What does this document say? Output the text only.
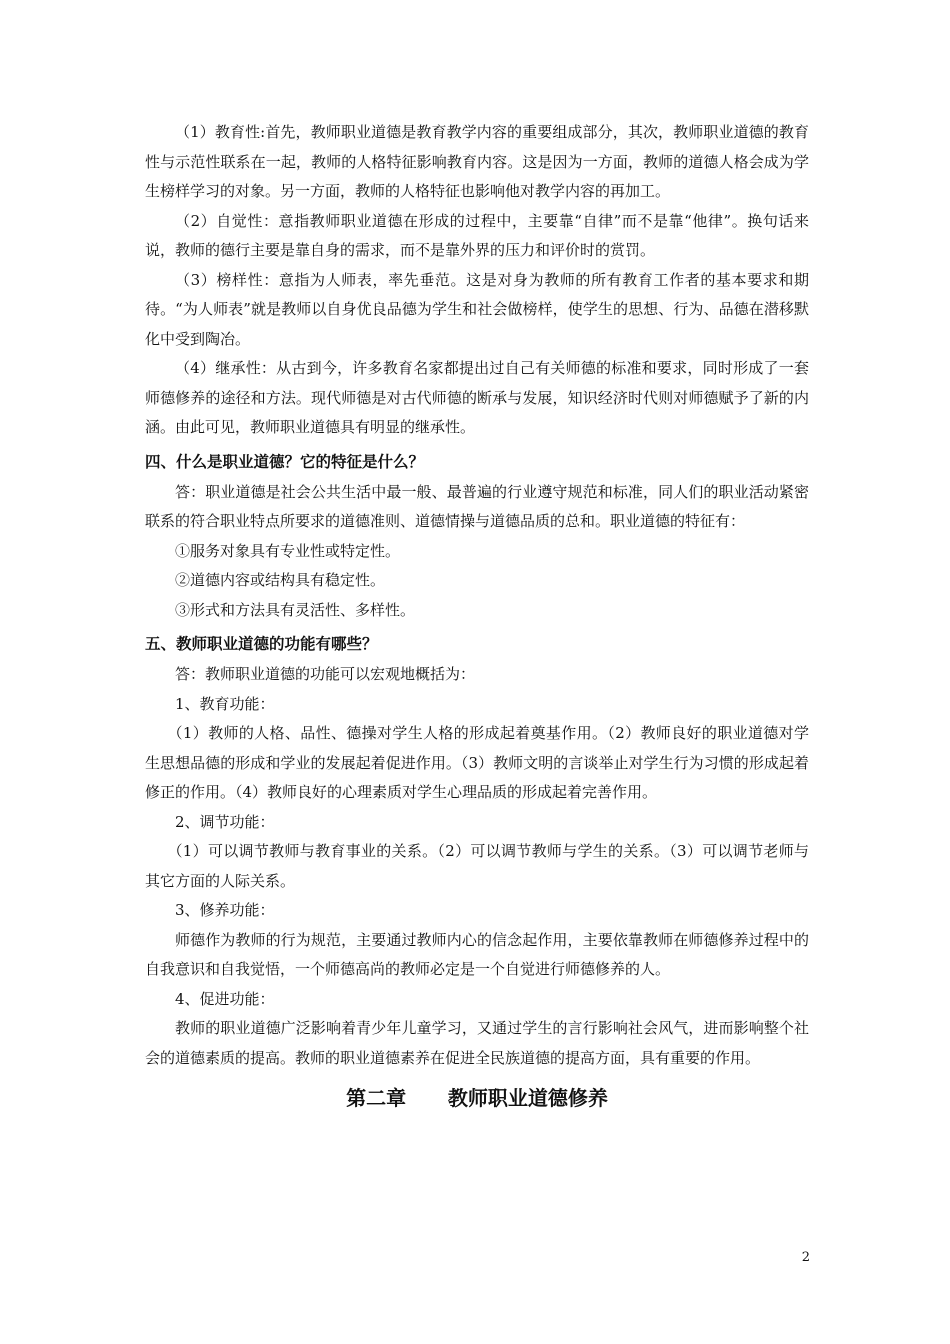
（1）教育性:首先，教师职业道德是教育教学内容的重要组成部分，其次，教师职业道德的教育性与示范性联系在一起，教师的人格特征影响教育内容。这是因为一方面，教师的道德人格会成为学生榜样学习的对象。另一方面，教师的人格特征也影响他对教学内容的再加工。

（2）自觉性：意指教师职业道德在形成的过程中，主要靠“自律”而不是靠“他律”。换句话来说，教师的德行主要是靠自身的需求，而不是靠外界的压力和评价时的赏罚。

（3）榜样性：意指为人师表，率先垂范。这是对身为教师的所有教育工作者的基本要求和期待。“为人师表”就是教师以自身优良品德为学生和社会做榜样，使学生的思想、行为、品德在潜移默化中受到陶冶。

（4）继承性：从古到今，许多教育名家都提出过自己有关师德的标准和要求，同时形成了一套师德修养的途径和方法。现代师德是对古代师德的断承与发展，知识经济时代则对师德赋予了新的内涵。由此可见，教师职业道德具有明显的继承性。

四、什么是职业道德？它的特征是什么？

答：职业道德是社会公共生活中最一般、最普遍的行业遵守规范和标准，同人们的职业活动紧密联系的符合职业特点所要求的道德准则、道德情操与道德品质的总和。职业道德的特征有：

①服务对象具有专业性或特定性。

②道德内容或结构具有稳定性。

③形式和方法具有灵活性、多样性。

五、教师职业道德的功能有哪些？

答：教师职业道德的功能可以宏观地概括为：

1、教育功能：

（1）教师的人格、品性、德操对学生人格的形成起着奠基作用。（2）教师良好的职业道德对学生思想品德的形成和学业的发展起着促进作用。（3）教师文明的言谈举止对学生行为习惯的形成起着修正的作用。（4）教师良好的心理素质对学生心理品质的形成起着完善作用。

2、调节功能：

（1）可以调节教师与教育事业的关系。（2）可以调节教师与学生的关系。（3）可以调节老师与其它方面的人际关系。

3、修养功能：

师德作为教师的行为规范，主要通过教师内心的信念起作用，主要依靠教师在师德修养过程中的自我意识和自我觉悟，一个师德高尚的教师必定是一个自觉进行师德修养的人。

4、促进功能：

教师的职业道德广泛影响着青少年儿童学习，又通过学生的言行影响社会风气，进而影响整个社会的道德素质的提高。教师的职业道德素养在促进全民族道德的提高方面，具有重要的作用。

第二章      教师职业道德修养

2
